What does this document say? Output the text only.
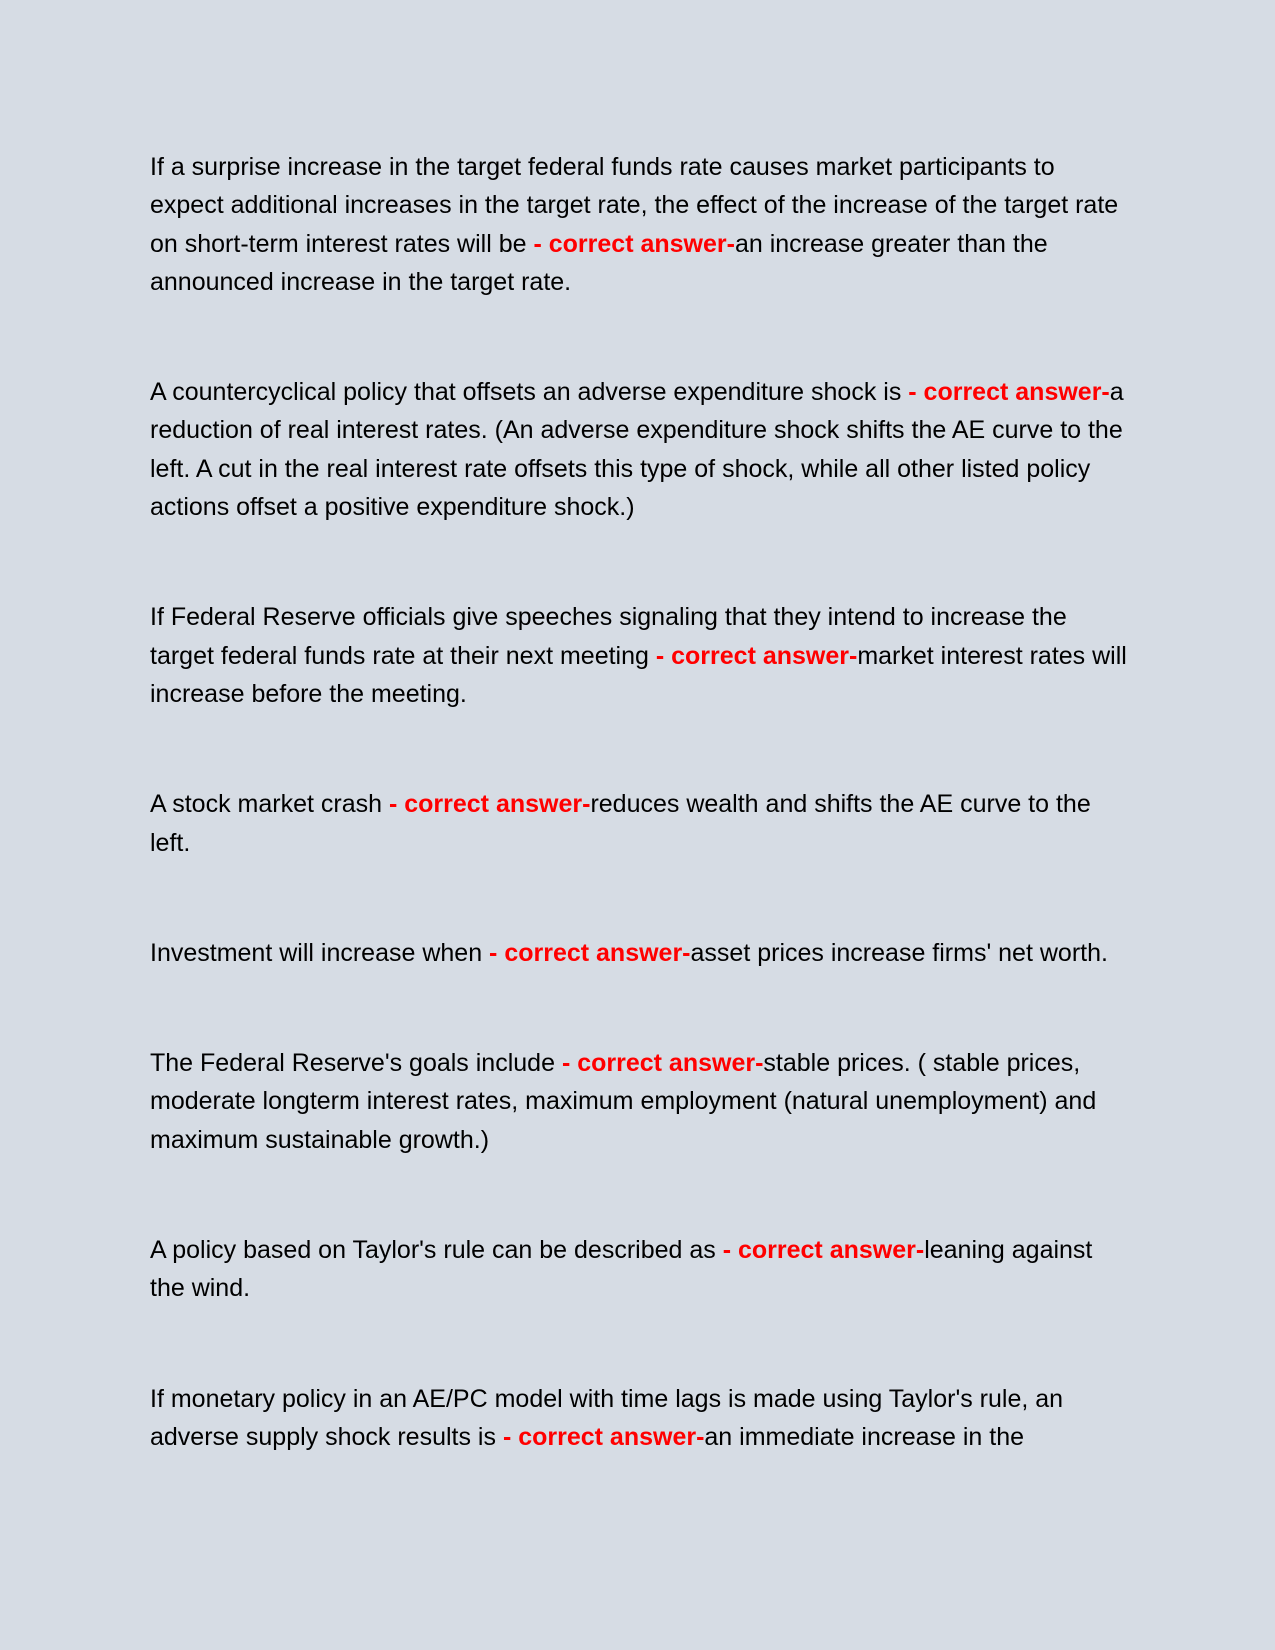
If a surprise increase in the target federal funds rate causes market participants to expect additional increases in the target rate, the effect of the increase of the target rate on short-term interest rates will be - correct answer-an increase greater than the announced increase in the target rate.

A countercyclical policy that offsets an adverse expenditure shock is - correct answer-a reduction of real interest rates. (An adverse expenditure shock shifts the AE curve to the left. A cut in the real interest rate offsets this type of shock, while all other listed policy actions offset a positive expenditure shock.)

If Federal Reserve officials give speeches signaling that they intend to increase the target federal funds rate at their next meeting - correct answer-market interest rates will increase before the meeting.

A stock market crash - correct answer-reduces wealth and shifts the AE curve to the left.

Investment will increase when - correct answer-asset prices increase firms' net worth.

The Federal Reserve's goals include - correct answer-stable prices. ( stable prices, moderate longterm interest rates, maximum employment (natural unemployment) and maximum sustainable growth.)

A policy based on Taylor's rule can be described as - correct answer-leaning against the wind.

If monetary policy in an AE/PC model with time lags is made using Taylor's rule, an adverse supply shock results is - correct answer-an immediate increase in the
